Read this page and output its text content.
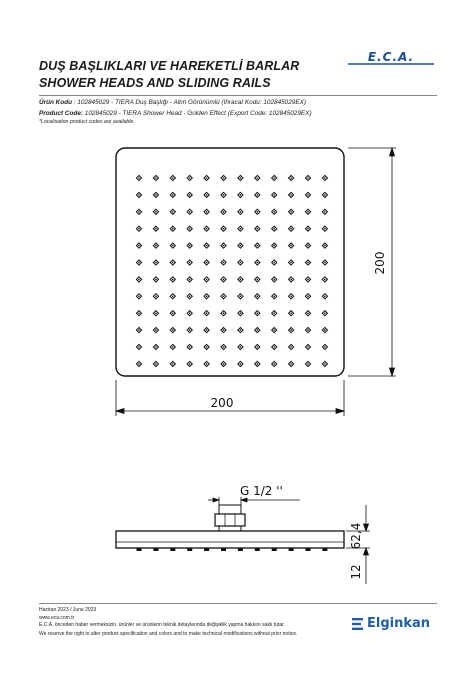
DUŞ BAŞLIKLARI VE HAREKETLİ BARLAR
SHOWER HEADS AND SLIDING RAILS
E.C.A.
Ürün Kodu : 102845029 - TIERA Duş Başlığı - Altın Görünümlü (İhracat Kodu: 102845029EX)
Product Code: 102845029 - TIERA Shower Head - Golden Effect (Export Code: 102845029EX)
*Localisation product codes are available.
200
200
G 1/2 ''
62,4
12
Haziran 2023 / June 2023
www.eca.com.tr
E.C.A. önceden haber vermeksizin, ürünler ve ürünlerin teknik detaylarında değişiklik yapma hakkını saklı tutar.
We reserve the right to alter product specification and colors and to make technical modifications without prior notice.
Elginkan
